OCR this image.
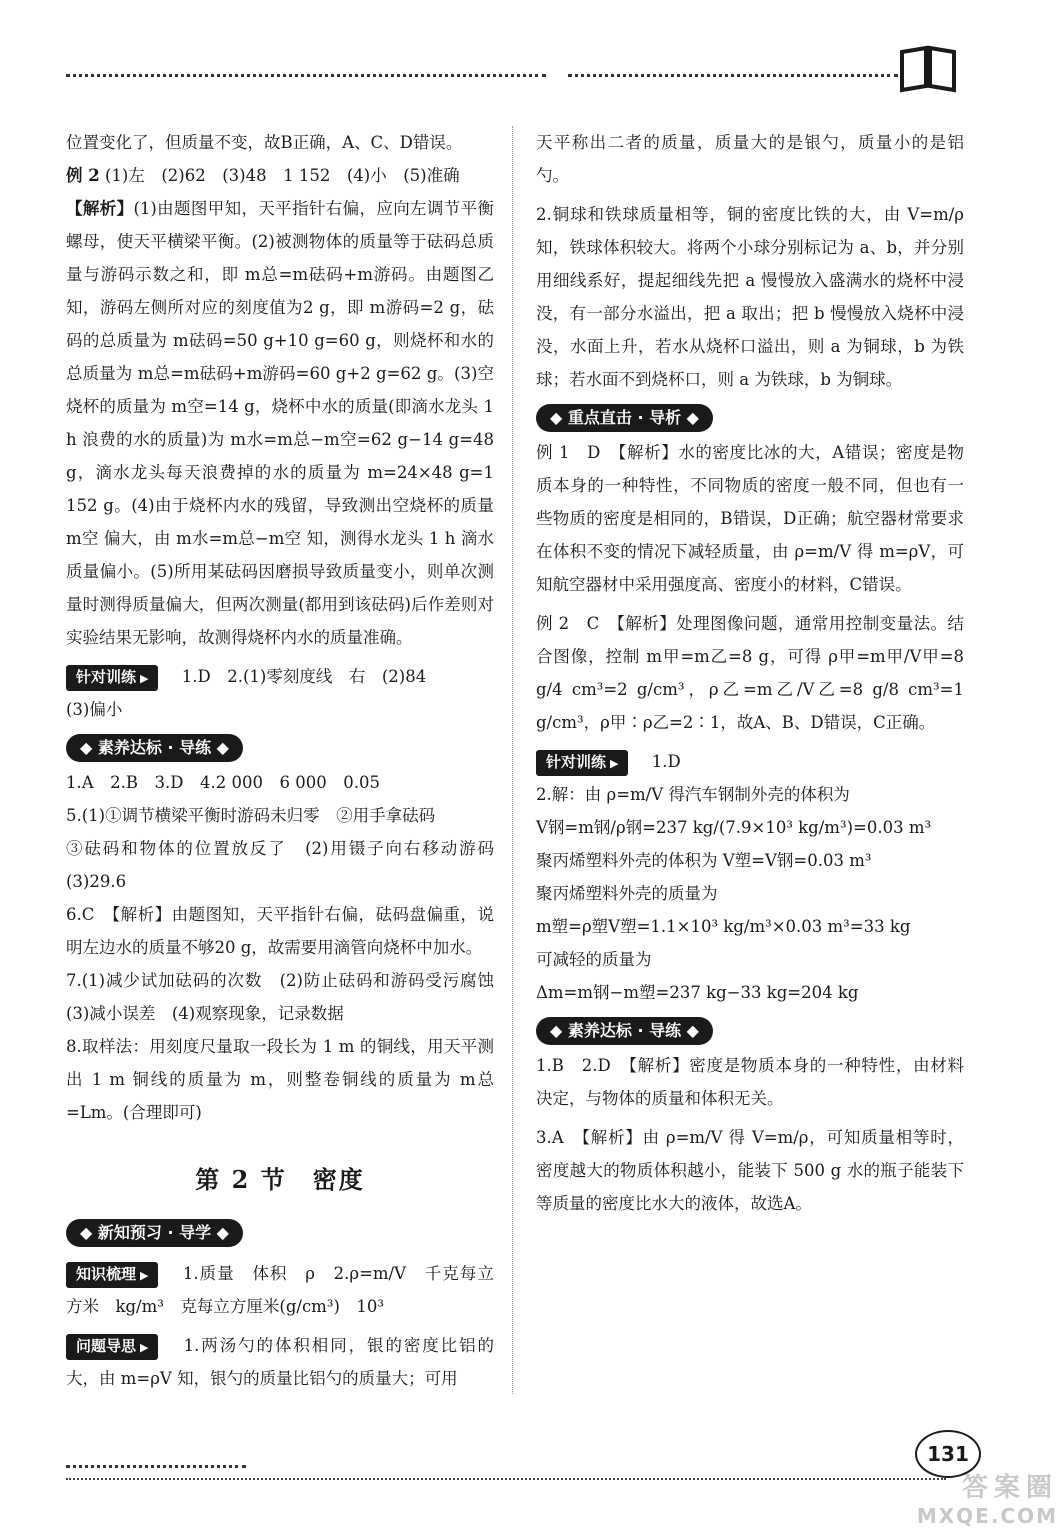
位置变化了，但质量不变，故B正确，A、C、D错误。

例 2 (1)左　(2)62　(3)48　1 152　(4)小　(5)准确

【解析】(1)由题图甲知，天平指针右偏，应向左调节平衡螺母，使天平横梁平衡。(2)被测物体的质量等于砝码总质量与游码示数之和，即 m总=m砝码+m游码。由题图乙知，游码左侧所对应的刻度值为2 g，即 m游码=2 g，砝码的总质量为 m砝码=50 g+10 g=60 g，则烧杯和水的总质量为 m总=m砝码+m游码=60 g+2 g=62 g。(3)空烧杯的质量为 m空=14 g，烧杯中水的质量(即滴水龙头 1 h 浪费的水的质量)为 m水=m总−m空=62 g−14 g=48 g，滴水龙头每天浪费掉的水的质量为 m=24×48 g=1 152 g。(4)由于烧杯内水的残留，导致测出空烧杯的质量 m空 偏大，由 m水=m总−m空 知，测得水龙头 1 h 滴水质量偏小。(5)所用某砝码因磨损导致质量变小，则单次测量时测得质量偏大，但两次测量(都用到该砝码)后作差则对实验结果无影响，故测得烧杯内水的质量准确。

针对训练 ▶ 1.D　2.(1)零刻度线　右　(2)84

(3)偏小

◆ 素养达标 · 导练 ◆

1.A　2.B　3.D　4.2 000　6 000　0.05

5.(1)①调节横梁平衡时游码未归零　②用手拿砝码

③砝码和物体的位置放反了　(2)用镊子向右移动游码　(3)29.6

6.C　【解析】由题图知，天平指针右偏，砝码盘偏重，说明左边水的质量不够20 g，故需要用滴管向烧杯中加水。

7.(1)减少试加砝码的次数　(2)防止砝码和游码受污腐蚀　(3)减小误差　(4)观察现象，记录数据

8.取样法：用刻度尺量取一段长为 1 m 的铜线，用天平测出 1 m 铜线的质量为 m，则整卷铜线的质量为 m总=Lm。(合理即可)

第 2 节　密度
◆ 新知预习 · 导学 ◆

知识梳理 ▶ 1.质量　体积　ρ　2.ρ=m/V　千克每立方米　kg/m³　克每立方厘米(g/cm³)　10³

问题导思 ▶ 1.两汤勺的体积相同，银的密度比铝的大，由 m=ρV 知，银勺的质量比铝勺的质量大；可用

天平称出二者的质量，质量大的是银勺，质量小的是铝勺。

2.铜球和铁球质量相等，铜的密度比铁的大，由 V=m/ρ 知，铁球体积较大。将两个小球分别标记为 a、b，并分别用细线系好，提起细线先把 a 慢慢放入盛满水的烧杯中浸没，有一部分水溢出，把 a 取出；把 b 慢慢放入烧杯中浸没，水面上升，若水从烧杯口溢出，则 a 为铜球，b 为铁球；若水面不到烧杯口，则 a 为铁球，b 为铜球。

◆ 重点直击 · 导析 ◆

例 1　D　【解析】水的密度比冰的大，A错误；密度是物质本身的一种特性，不同物质的密度一般不同，但也有一些物质的密度是相同的，B错误，D正确；航空器材常要求在体积不变的情况下减轻质量，由 ρ=m/V 得 m=ρV，可知航空器材中采用强度高、密度小的材料，C错误。

例 2　C　【解析】处理图像问题，通常用控制变量法。结合图像，控制 m甲=m乙=8 g，可得 ρ甲=m甲/V甲=8 g/4 cm³=2 g/cm³，ρ乙=m乙/V乙=8 g/8 cm³=1 g/cm³，ρ甲∶ρ乙=2∶1，故A、B、D错误，C正确。

针对训练 ▶ 1.D

2.解：由 ρ=m/V 得汽车钢制外壳的体积为

V钢=m钢/ρ钢=237 kg/(7.9×10³ kg/m³)=0.03 m³

聚丙烯塑料外壳的体积为 V塑=V钢=0.03 m³

聚丙烯塑料外壳的质量为

m塑=ρ塑V塑=1.1×10³ kg/m³×0.03 m³=33 kg

可减轻的质量为

Δm=m钢−m塑=237 kg−33 kg=204 kg

◆ 素养达标 · 导练 ◆

1.B　2.D　【解析】密度是物质本身的一种特性，由材料决定，与物体的质量和体积无关。

3.A　【解析】由 ρ=m/V 得 V=m/ρ，可知质量相等时，密度越大的物质体积越小，能装下 500 g 水的瓶子能装下等质量的密度比水大的液体，故选A。

131
答案圈
MXQE.COM
